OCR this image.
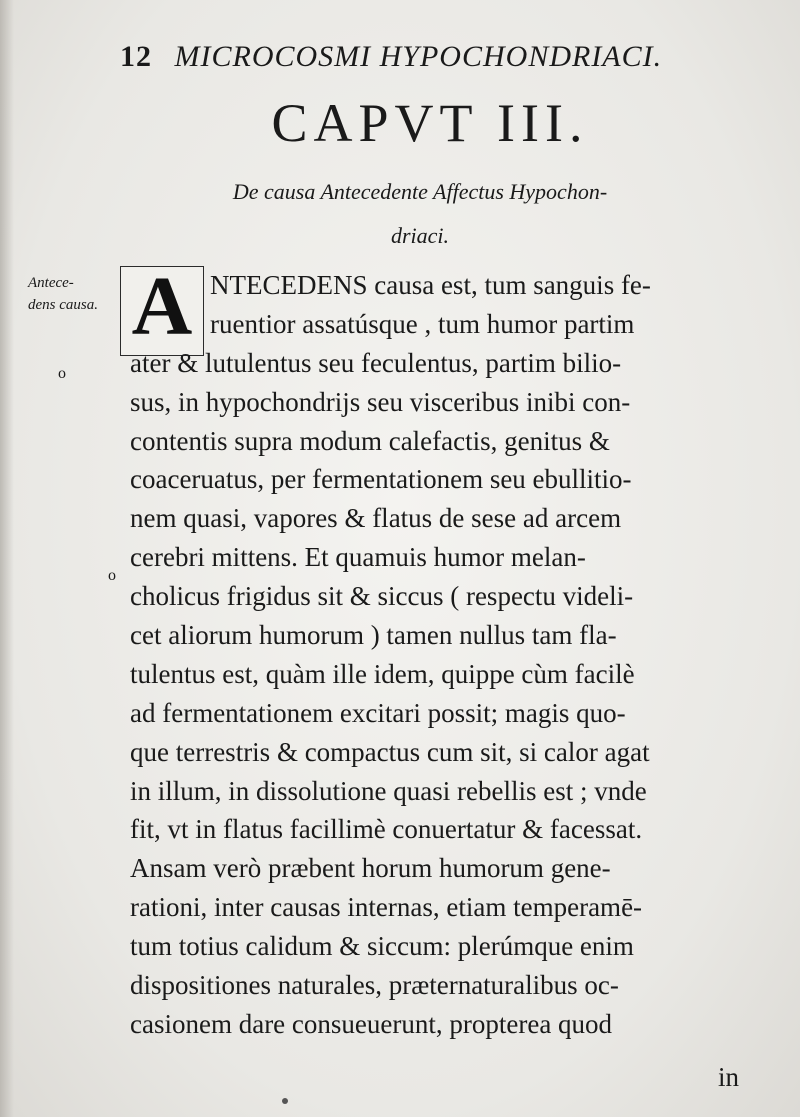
12 MICROCOSMI HYPOCHONDRIACI.
CAPVT III.
De causa Antecedente Affectus Hypochon-
driaci.
Antece-
dens causa.
o
o
A NTECEDENS causa est, tum sanguis fe-
ruentior assatúsque , tum humor partim
ater & lutulentus seu feculentus, partim bilio-
sus, in hypochondrijs seu visceribus inibi con-
contentis supra modum calefactis, genitus &
coaceruatus, per fermentationem seu ebullitio-
nem quasi, vapores & flatus de sese ad arcem
cerebri mittens. Et quamuis humor melan-
cholicus frigidus sit & siccus ( respectu videli-
cet aliorum humorum ) tamen nullus tam fla-
tulentus est, quàm ille idem, quippe cùm facilè
ad fermentationem excitari possit; magis quo-
que terrestris & compactus cum sit, si calor agat
in illum, in dissolutione quasi rebellis est ; vnde
fit, vt in flatus facillimè conuertatur & facessat.
Ansam verò præbent horum humorum gene-
rationi, inter causas internas, etiam temperamē-
tum totius calidum & siccum: plerúmque enim
dispositiones naturales, præternaturalibus oc-
casionem dare consueuerunt, propterea quod
in
